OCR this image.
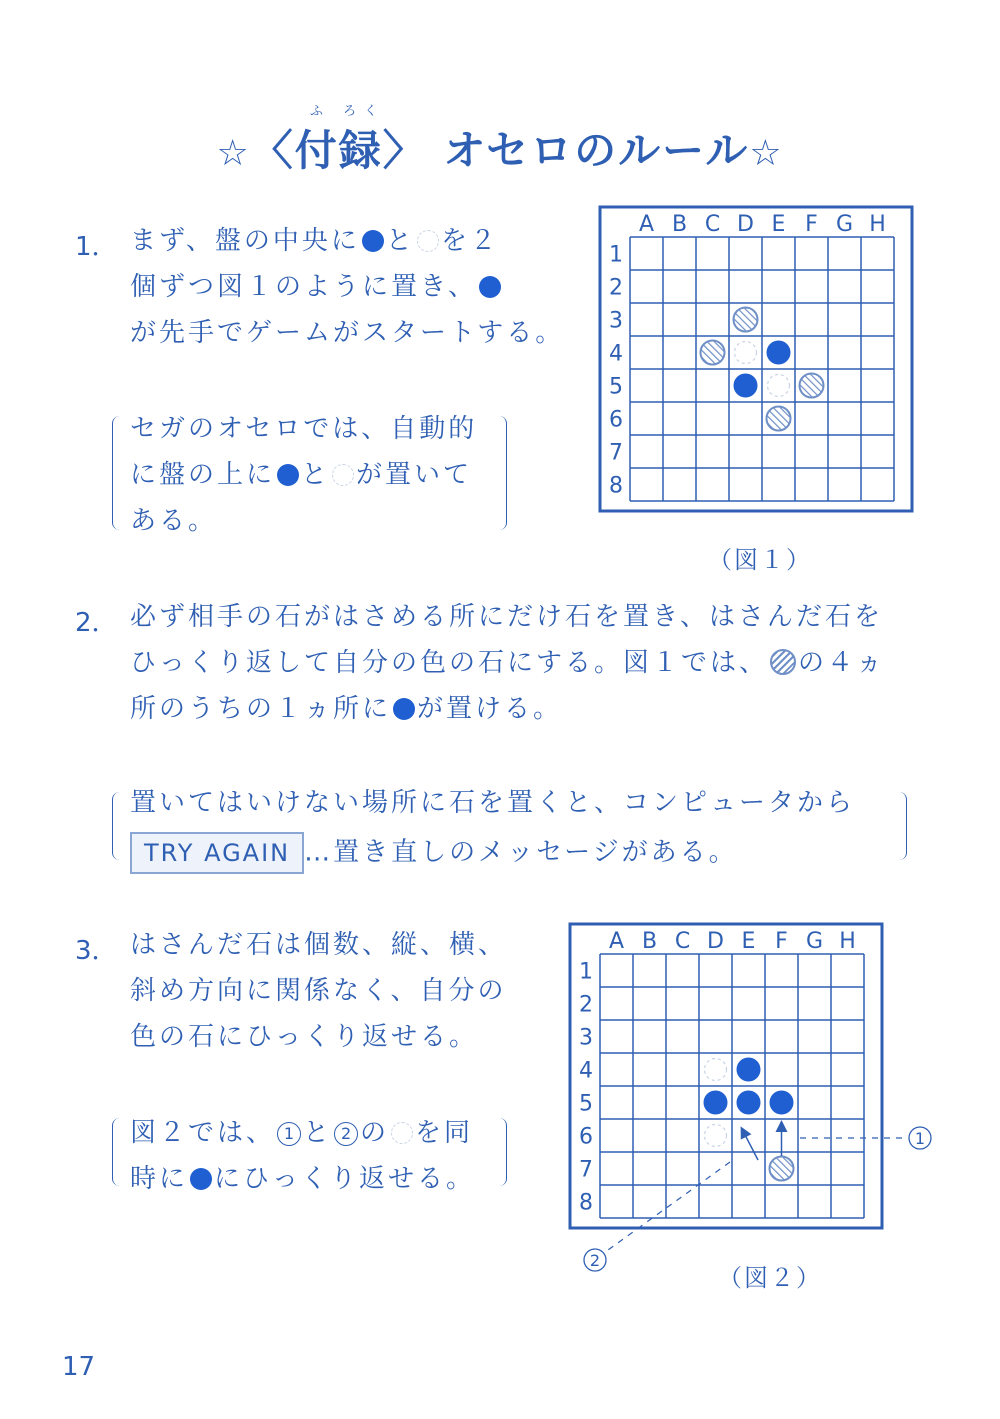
☆〈付録〉 オセロのルール☆
ふ ろく
1． まず、盤の中央に と を２
個ずつ図１のように置き、
が先手でゲームがスタートする。
セガのオセロでは、自動的
に盤の上に と が置いて
ある。
A B C D E F G H
1
2
3
4
5
6
7
8
（図１）
2． 必ず相手の石がはさめる所にだけ石を置き、はさんだ石を
ひっくり返して自分の色の石にする。図１では、 の４ヵ
所のうちの１ヵ所に が置ける。
置いてはいけない場所に石を置くと、コンピュータから
TRY AGAIN …置き直しのメッセージがある。
3． はさんだ石は個数、縦、横、
斜め方向に関係なく、自分の
色の石にひっくり返せる。
図２では、 1 と 2 の を同
時に にひっくり返せる。
A B C D E F G H
1
2
3
4
5
6
7
8
1
2
（図２）
17
